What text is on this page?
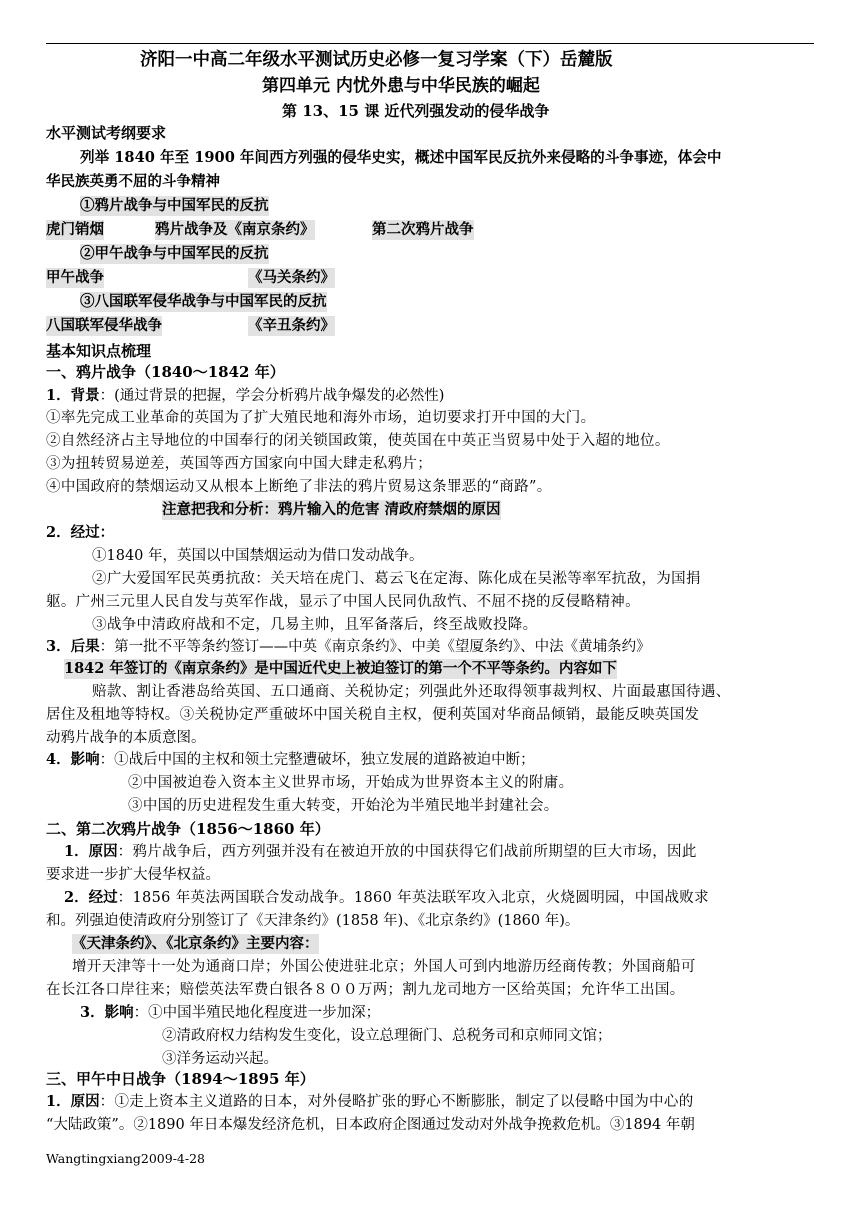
济阳一中高二年级水平测试历史必修一复习学案（下）岳麓版
第四单元 内忧外患与中华民族的崛起
第 13、15 课 近代列强发动的侵华战争
水平测试考纲要求
列举 1840 年至 1900 年间西方列强的侵华史实，概述中国军民反抗外来侵略的斗争事迹，体会中
华民族英勇不屈的斗争精神
①鸦片战争与中国军民的反抗
虎门销烟	鸦片战争及《南京条约》	第二次鸦片战争
②甲午战争与中国军民的反抗
甲午战争	《马关条约》
③八国联军侵华战争与中国军民的反抗
八国联军侵华战争	《辛丑条约》
基本知识点梳理
一、鸦片战争（1840～1842 年）
1．背景：(通过背景的把握，学会分析鸦片战争爆发的必然性)
①率先完成工业革命的英国为了扩大殖民地和海外市场，迫切要求打开中国的大门。
②自然经济占主导地位的中国奉行的闭关锁国政策，使英国在中英正当贸易中处于入超的地位。
③为扭转贸易逆差，英国等西方国家向中国大肆走私鸦片；
④中国政府的禁烟运动又从根本上断绝了非法的鸦片贸易这条罪恶的“商路”。
注意把我和分析：鸦片输入的危害 清政府禁烟的原因
2．经过：
①1840 年，英国以中国禁烟运动为借口发动战争。
②广大爱国军民英勇抗敌：关天培在虎门、葛云飞在定海、陈化成在吴淞等率军抗敌，为国捐
躯。广州三元里人民自发与英军作战，显示了中国人民同仇敌忾、不屈不挠的反侵略精神。
③战争中清政府战和不定，几易主帅，且军备落后，终至战败投降。
3．后果：第一批不平等条约签订——中英《南京条约》、中美《望厦条约》、中法《黄埔条约》
1842 年签订的《南京条约》是中国近代史上被迫签订的第一个不平等条约。内容如下
赔款、割让香港岛给英国、五口通商、关税协定；列强此外还取得领事裁判权、片面最惠国待遇、
居住及租地等特权。③关税协定严重破坏中国关税自主权，便利英国对华商品倾销，最能反映英国发
动鸦片战争的本质意图。
4．影响：①战后中国的主权和领土完整遭破坏，独立发展的道路被迫中断；
②中国被迫卷入资本主义世界市场，开始成为世界资本主义的附庸。
③中国的历史进程发生重大转变，开始沦为半殖民地半封建社会。
二、第二次鸦片战争（1856～1860 年）
1．原因：鸦片战争后，西方列强并没有在被迫开放的中国获得它们战前所期望的巨大市场，因此
要求进一步扩大侵华权益。
2．经过：1856 年英法两国联合发动战争。1860 年英法联军攻入北京，火烧圆明园，中国战败求
和。列强迫使清政府分别签订了《天津条约》(1858 年)、《北京条约》(1860 年)。
《天津条约》、《北京条约》主要内容：
增开天津等十一处为通商口岸；外国公使进驻北京；外国人可到内地游历经商传教；外国商船可
在长江各口岸往来；赔偿英法军费白银各８００万两；割九龙司地方一区给英国；允许华工出国。
3．影响：①中国半殖民地化程度进一步加深；
②清政府权力结构发生变化，设立总理衙门、总税务司和京师同文馆；
③洋务运动兴起。
三、甲午中日战争（1894～1895 年）
1．原因：①走上资本主义道路的日本，对外侵略扩张的野心不断膨胀，制定了以侵略中国为中心的
“大陆政策”。②1890 年日本爆发经济危机，日本政府企图通过发动对外战争挽救危机。③1894 年朝
Wangtingxiang2009-4-28
